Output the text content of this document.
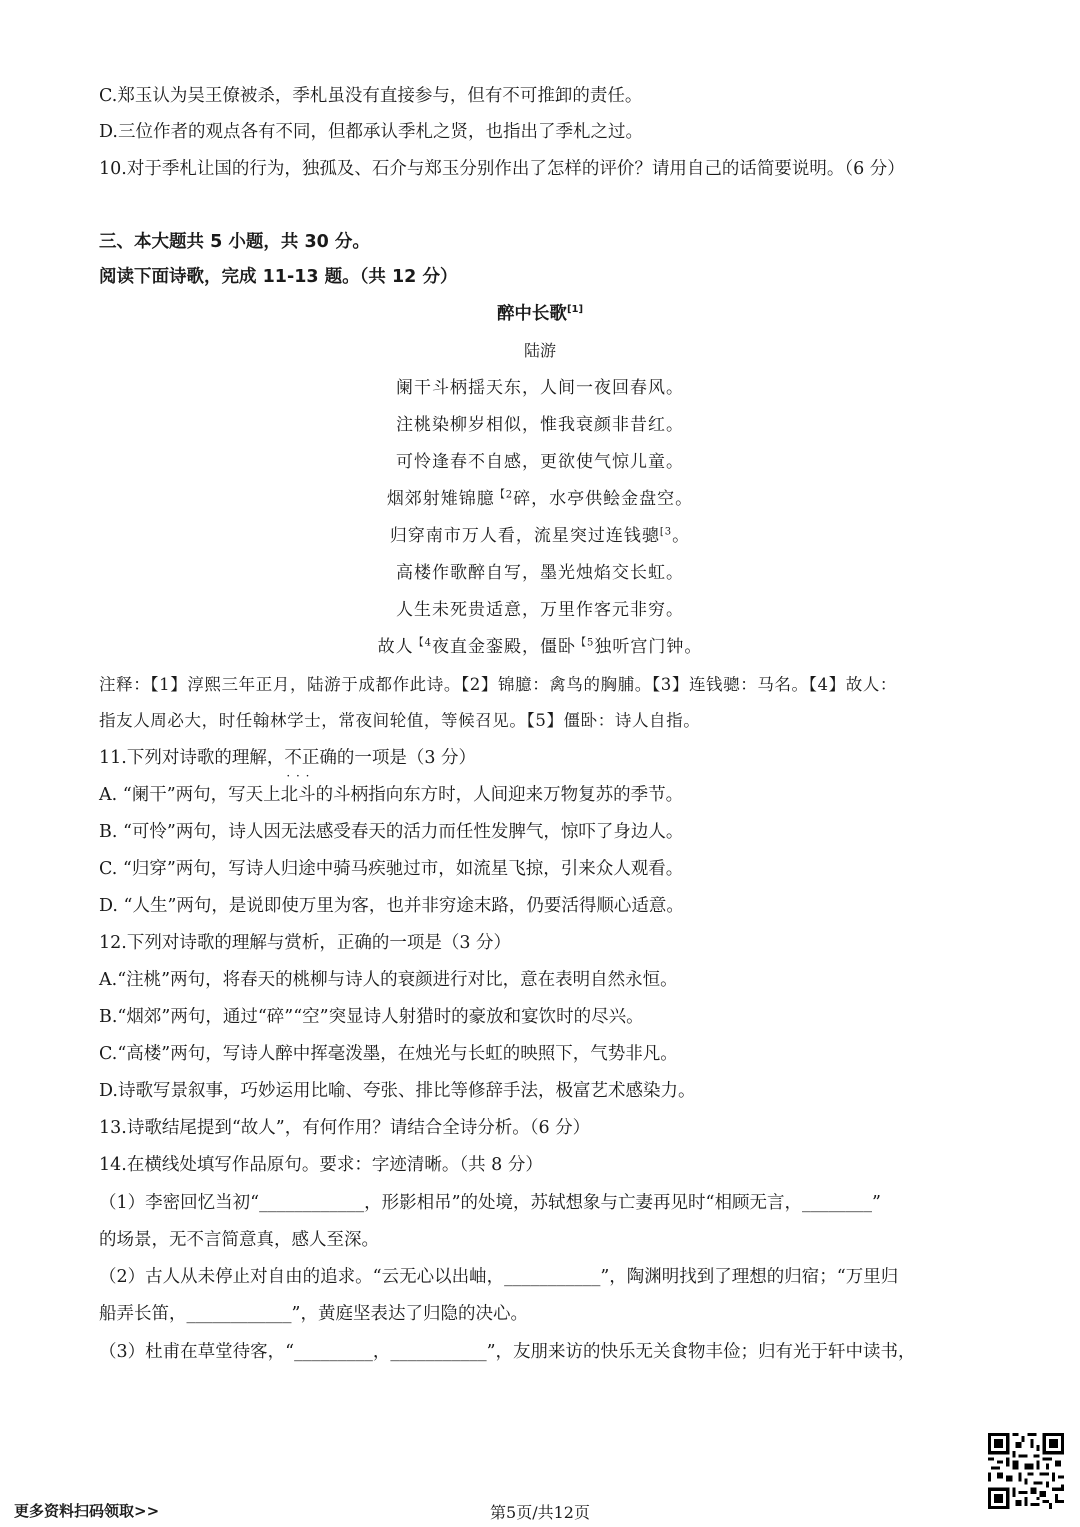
C.郑玉认为吴王僚被杀，季札虽没有直接参与，但有不可推卸的责任。
D.三位作者的观点各有不同，但都承认季札之贤，也指出了季札之过。
10.对于季札让国的行为，独孤及、石介与郑玉分别作出了怎样的评价？请用自己的话简要说明。（6 分）
三、本大题共 5 小题，共 30 分。
阅读下面诗歌，完成 11-13 题。（共 12 分）
醉中长歌[1]
陆游
阑干斗柄揺天东，人间一夜回春风。
注桃染柳岁相似，惟我衰颜非昔红。
可怜逢春不自感，更欲使气惊儿童。
烟郊射雉锦臆$^{【2}$碎，水亭供鲙金盘空。
归穿南市万人看，流星突过连钱骢$^{[3}$。
高楼作歌醉自写，墨光烛焰交长虹。
人生未死贵适意，万里作客元非穷。
故人$^{【4}$夜直金銮殿，僵卧$^{【5}$独听宫门钟。
注释：【1】淳熙三年正月，陆游于成都作此诗。【2】锦臆：禽鸟的胸脯。【3】连钱骢：马名。【4】故人：
指友人周必大，时任翰林学士，常夜间轮值，等候召见。【5】僵卧：诗人自指。
11.下列对诗歌的理解，不正确 · · ·的一项是（3 分）
A. “阑干”两句，写天上北斗的斗柄指向东方时，人间迎来万物复苏的季节。
B. “可怜”两句，诗人因无法感受春天的活力而任性发脾气，惊吓了身边人。
C. “归穿”两句，写诗人归途中骑马疾驰过市，如流星飞掠，引来众人观看。
D. “人生”两句，是说即使万里为客，也并非穷途末路，仍要活得顺心适意。
12.下列对诗歌的理解与赏析，正确的一项是（3 分）
A.“注桃”两句，将春天的桃柳与诗人的衰颜进行对比，意在表明自然永恒。
B.“烟郊”两句，通过“碎”“空”突显诗人射猎时的豪放和宴饮时的尽兴。
C.“高楼”两句，写诗人醉中挥毫泼墨，在烛光与长虹的映照下，气势非凡。
D.诗歌写景叙事，巧妙运用比喻、夸张、排比等修辞手法，极富艺术感染力。
13.诗歌结尾提到“故人”，有何作用？请结合全诗分析。（6 分）
14.在横线处填写作品原句。要求：字迹清晰。（共 8 分）
（1）李密回忆当初“____________，形影相吊”的处境，苏轼想象与亡妻再见时“相顾无言，________”
的场景，无不言简意真，感人至深。
（2）古人从未停止对自由的追求。“云无心以出岫，___________”，陶渊明找到了理想的归宿；“万里归
船弄长笛，____________”，黄庭坚表达了归隐的决心。
（3）杜甫在草堂待客，“_________，___________”，友朋来访的快乐无关食物丰俭；归有光于轩中读书，
更多资料扫码领取>>	第5页/共12页
